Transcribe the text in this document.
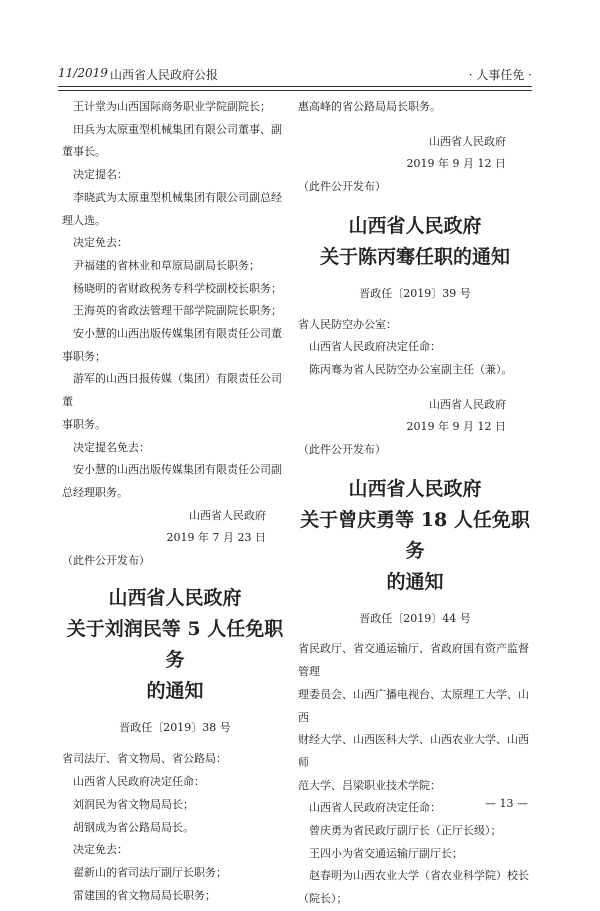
11/2019 山西省人民政府公报	· 人事任免 ·

王计堂为山西国际商务职业学院副院长；

田兵为太原重型机械集团有限公司董事、副

董事长。

决定提名：

李晓武为太原重型机械集团有限公司副总经

理人选。

决定免去：

尹福建的省林业和草原局副局长职务；

杨晓明的省财政税务专科学校副校长职务；

王海英的省政法管理干部学院副院长职务；

安小慧的山西出版传媒集团有限责任公司董

事职务；

游军的山西日报传媒（集团）有限责任公司董

事职务。

决定提名免去：

安小慧的山西出版传媒集团有限责任公司副

总经理职务。

山西省人民政府

2019 年 7 月 23 日

（此件公开发布）

山西省人民政府

关于刘润民等 5 人任免职务

的通知

晋政任〔2019〕38 号

省司法厅、省文物局、省公路局：

山西省人民政府决定任命：

刘润民为省文物局局长；

胡钢成为省公路局局长。

决定免去：

翟新山的省司法厅副厅长职务；

雷建国的省文物局局长职务；

惠高峰的省公路局局长职务。

山西省人民政府

2019 年 9 月 12 日

（此件公开发布）

山西省人民政府

关于陈丙骞任职的通知

晋政任〔2019〕39 号

省人民防空办公室：

山西省人民政府决定任命：

陈丙骞为省人民防空办公室副主任（兼）。

山西省人民政府

2019 年 9 月 12 日

（此件公开发布）

山西省人民政府

关于曾庆勇等 18 人任免职务

的通知

晋政任〔2019〕44 号

省民政厅、省交通运输厅、省政府国有资产监督管理

理委员会、山西广播电视台、太原理工大学、山西

财经大学、山西医科大学、山西农业大学、山西师

范大学、吕梁职业技术学院：

山西省人民政府决定任命：

曾庆勇为省民政厅副厅长（正厅长级）；

王四小为省交通运输厅副厅长；

赵春明为山西农业大学（省农业科学院）校长

（院长）；

— 13 —
